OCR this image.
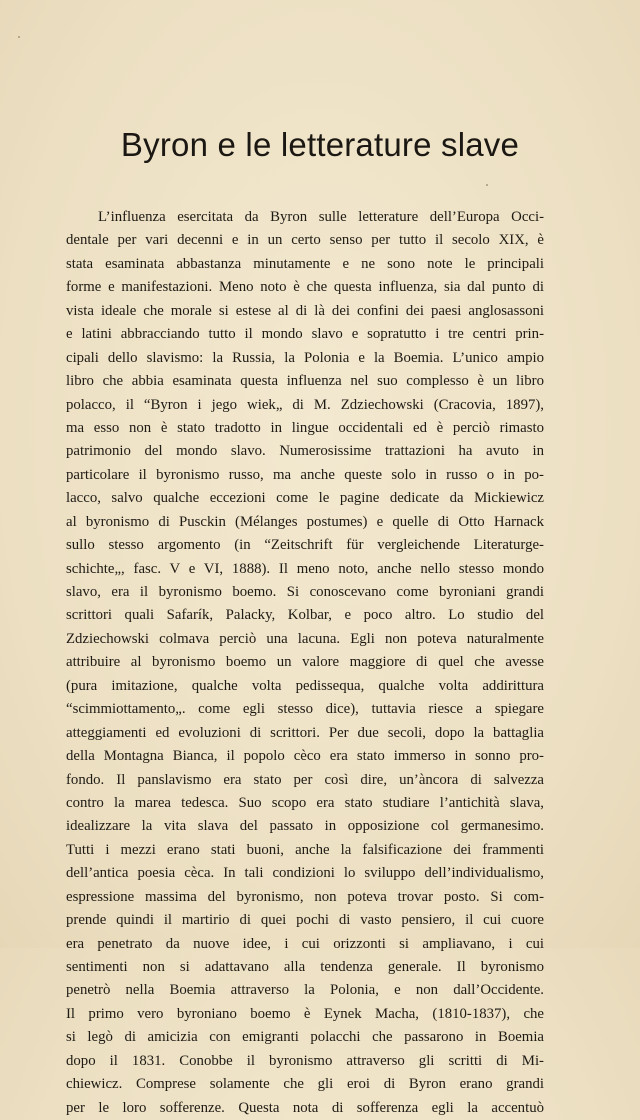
Byron e le letterature slave
L’influenza esercitata da Byron sulle letterature dell’Europa Occi-
dentale per vari decenni e in un certo senso per tutto il secolo XIX, è
stata esaminata abbastanza minutamente e ne sono note le principali
forme e manifestazioni. Meno noto è che questa influenza, sia dal punto di
vista ideale che morale si estese al di là dei confini dei paesi anglosassoni
e latini abbracciando tutto il mondo slavo e sopratutto i tre centri prin-
cipali dello slavismo: la Russia, la Polonia e la Boemia. L’unico ampio
libro che abbia esaminata questa influenza nel suo complesso è un libro
polacco, il “Byron i jego wiek„ di M. Zdziechowski (Cracovia, 1897),
ma esso non è stato tradotto in lingue occidentali ed è perciò rimasto
patrimonio del mondo slavo. Numerosissime trattazioni ha avuto in
particolare il byronismo russo, ma anche queste solo in russo o in po-
lacco, salvo qualche eccezioni come le pagine dedicate da Mickiewicz
al byronismo di Pusckin (Mélanges postumes) e quelle di Otto Harnack
sullo stesso argomento (in “Zeitschrift für vergleichende Literaturge-
schichte„, fasc. V e VI, 1888). Il meno noto, anche nello stesso mondo
slavo, era il byronismo boemo. Si conoscevano come byroniani grandi
scrittori quali Safarík, Palacky, Kolbar, e poco altro. Lo studio del
Zdziechowski colmava perciò una lacuna. Egli non poteva naturalmente
attribuire al byronismo boemo un valore maggiore di quel che avesse
(pura imitazione, qualche volta pedissequa, qualche volta addirittura
“scimmiottamento„. come egli stesso dice), tuttavia riesce a spiegare
atteggiamenti ed evoluzioni di scrittori. Per due secoli, dopo la battaglia
della Montagna Bianca, il popolo cèco era stato immerso in sonno pro-
fondo. Il panslavismo era stato per così dire, un’àncora di salvezza
contro la marea tedesca. Suo scopo era stato studiare l’antichità slava,
idealizzare la vita slava del passato in opposizione col germanesimo.
Tutti i mezzi erano stati buoni, anche la falsificazione dei frammenti
dell’antica poesia cèca. In tali condizioni lo sviluppo dell’individualismo,
espressione massima del byronismo, non poteva trovar posto. Si com-
prende quindi il martirio di quei pochi di vasto pensiero, il cui cuore
era penetrato da nuove idee, i cui orizzonti si ampliavano, i cui
sentimenti non si adattavano alla tendenza generale. Il byronismo
penetrò nella Boemia attraverso la Polonia, e non dall’Occidente.
Il primo vero byroniano boemo è Eynek Macha, (1810-1837), che
si legò di amicizia con emigranti polacchi che passarono in Boemia
dopo il 1831. Conobbe il byronismo attraverso gli scritti di Mi-
chiewicz. Comprese solamente che gli eroi di Byron erano grandi
per le loro sofferenze. Questa nota di sofferenza egli la accentuò
